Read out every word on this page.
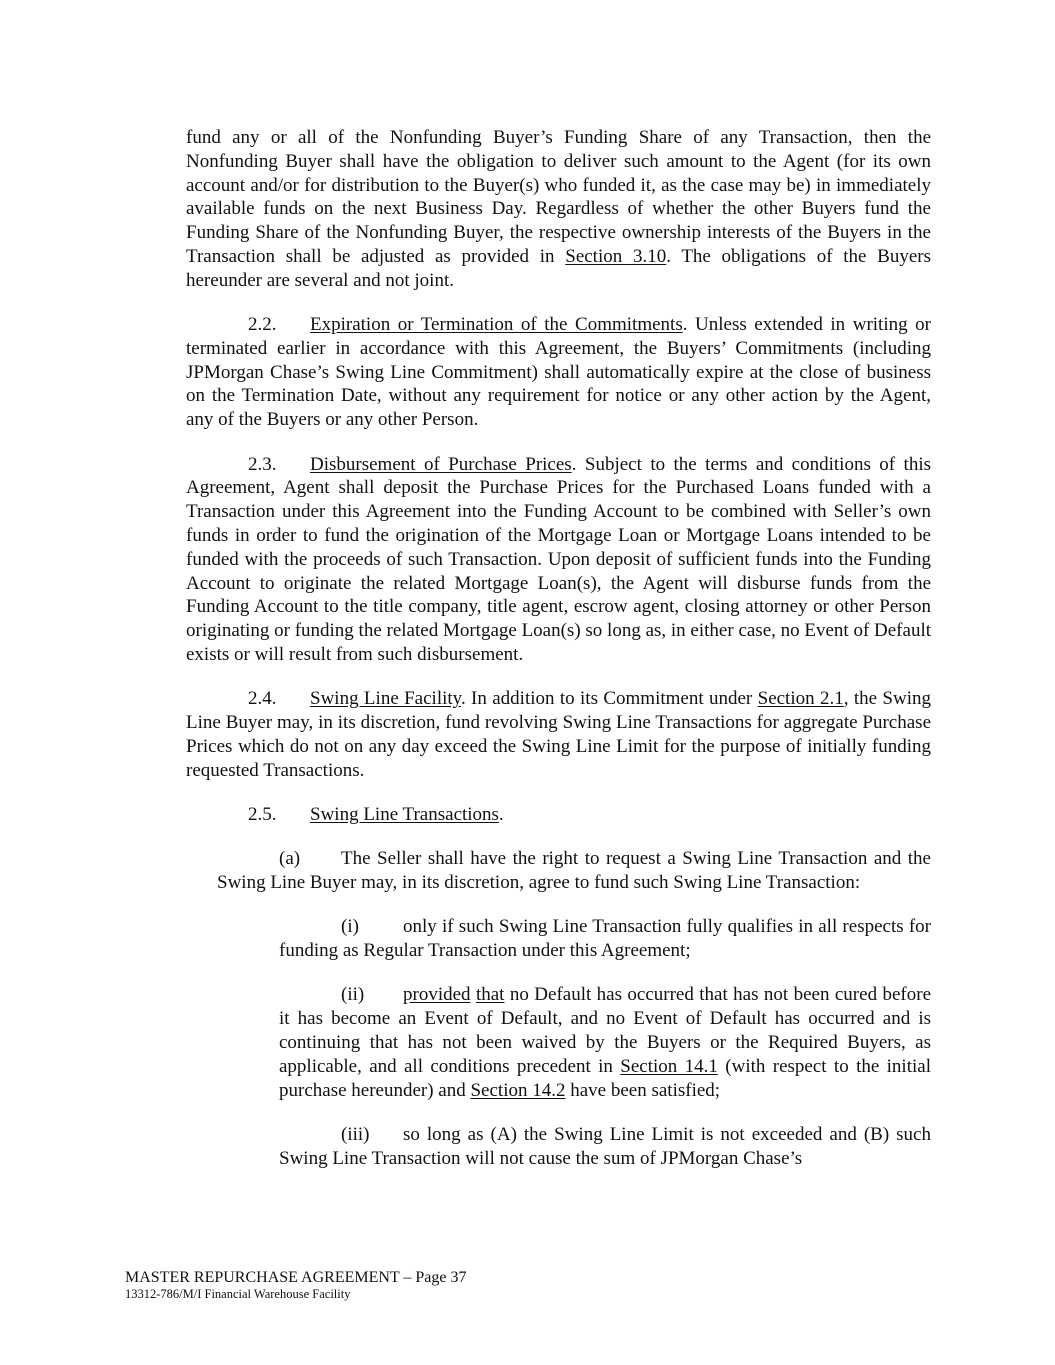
fund any or all of the Nonfunding Buyer’s Funding Share of any Transaction, then the Nonfunding Buyer shall have the obligation to deliver such amount to the Agent (for its own account and/or for distribution to the Buyer(s) who funded it, as the case may be) in immediately available funds on the next Business Day. Regardless of whether the other Buyers fund the Funding Share of the Nonfunding Buyer, the respective ownership interests of the Buyers in the Transaction shall be adjusted as provided in Section 3.10. The obligations of the Buyers hereunder are several and not joint.

2.2. Expiration or Termination of the Commitments. Unless extended in writing or terminated earlier in accordance with this Agreement, the Buyers’ Commitments (including JPMorgan Chase’s Swing Line Commitment) shall automatically expire at the close of business on the Termination Date, without any requirement for notice or any other action by the Agent, any of the Buyers or any other Person.

2.3. Disbursement of Purchase Prices. Subject to the terms and conditions of this Agreement, Agent shall deposit the Purchase Prices for the Purchased Loans funded with a Transaction under this Agreement into the Funding Account to be combined with Seller’s own funds in order to fund the origination of the Mortgage Loan or Mortgage Loans intended to be funded with the proceeds of such Transaction. Upon deposit of sufficient funds into the Funding Account to originate the related Mortgage Loan(s), the Agent will disburse funds from the Funding Account to the title company, title agent, escrow agent, closing attorney or other Person originating or funding the related Mortgage Loan(s) so long as, in either case, no Event of Default exists or will result from such disbursement.

2.4. Swing Line Facility. In addition to its Commitment under Section 2.1, the Swing Line Buyer may, in its discretion, fund revolving Swing Line Transactions for aggregate Purchase Prices which do not on any day exceed the Swing Line Limit for the purpose of initially funding requested Transactions.

2.5. Swing Line Transactions.

(a) The Seller shall have the right to request a Swing Line Transaction and the Swing Line Buyer may, in its discretion, agree to fund such Swing Line Transaction:

(i) only if such Swing Line Transaction fully qualifies in all respects for funding as Regular Transaction under this Agreement;

(ii) provided that no Default has occurred that has not been cured before it has become an Event of Default, and no Event of Default has occurred and is continuing that has not been waived by the Buyers or the Required Buyers, as applicable, and all conditions precedent in Section 14.1 (with respect to the initial purchase hereunder) and Section 14.2 have been satisfied;

(iii) so long as (A) the Swing Line Limit is not exceeded and (B) such Swing Line Transaction will not cause the sum of JPMorgan Chase’s

MASTER REPURCHASE AGREEMENT – Page 37
13312-786/M/I Financial Warehouse Facility
